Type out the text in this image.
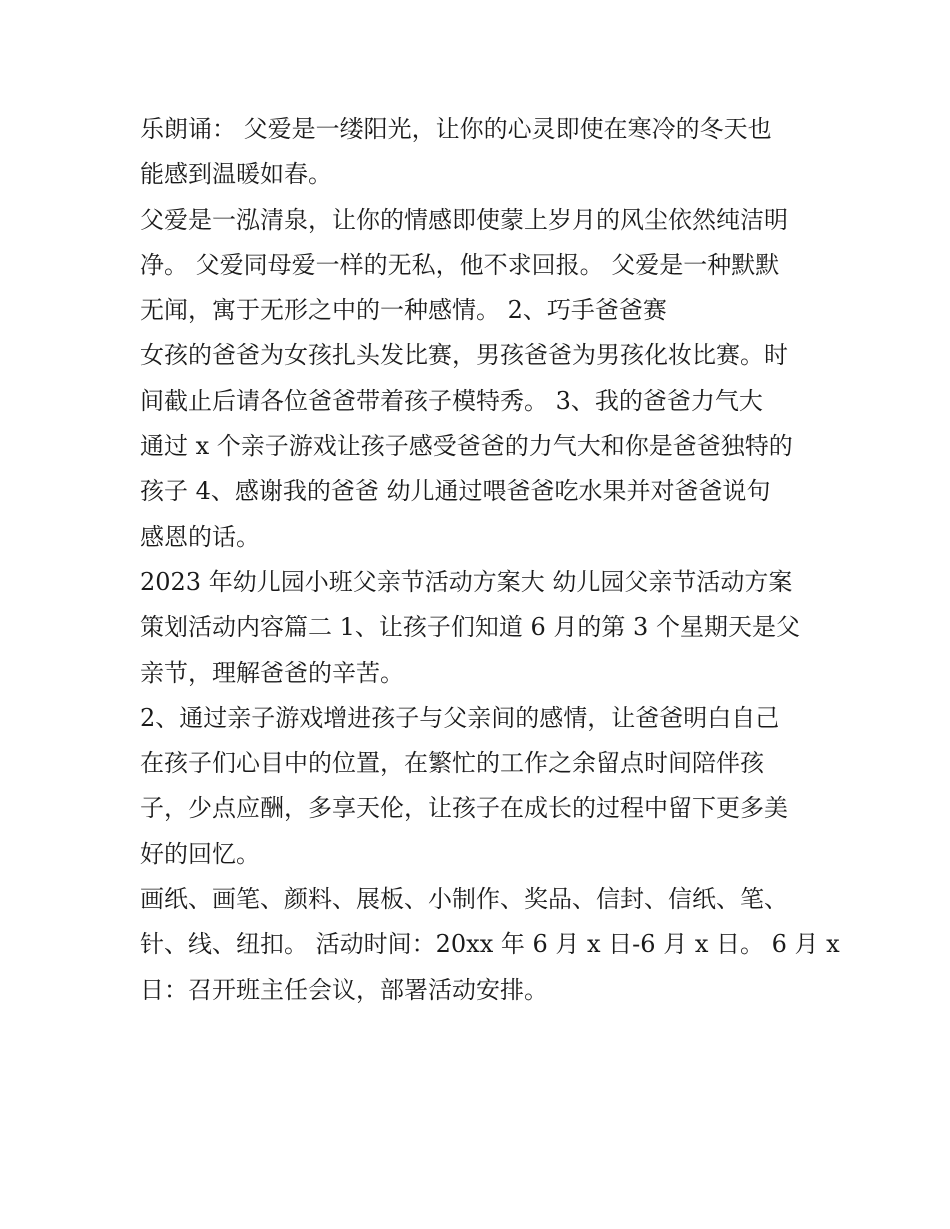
乐朗诵： 父爱是一缕阳光，让你的心灵即使在寒冷的冬天也
能感到温暖如春。
父爱是一泓清泉，让你的情感即使蒙上岁月的风尘依然纯洁明
净。 父爱同母爱一样的无私，他不求回报。 父爱是一种默默
无闻，寓于无形之中的一种感情。 2、巧手爸爸赛
女孩的爸爸为女孩扎头发比赛，男孩爸爸为男孩化妆比赛。时
间截止后请各位爸爸带着孩子模特秀。 3、我的爸爸力气大
通过 x 个亲子游戏让孩子感受爸爸的力气大和你是爸爸独特的
孩子 4、感谢我的爸爸 幼儿通过喂爸爸吃水果并对爸爸说句
感恩的话。
2023 年幼儿园小班父亲节活动方案大 幼儿园父亲节活动方案
策划活动内容篇二 1、让孩子们知道 6 月的第 3 个星期天是父
亲节，理解爸爸的辛苦。
2、通过亲子游戏增进孩子与父亲间的感情，让爸爸明白自己
在孩子们心目中的位置，在繁忙的工作之余留点时间陪伴孩
子，少点应酬，多享天伦，让孩子在成长的过程中留下更多美
好的回忆。
画纸、画笔、颜料、展板、小制作、奖品、信封、信纸、笔、
针、线、纽扣。 活动时间：20xx 年 6 月 x 日-6 月 x 日。 6 月 x
日：召开班主任会议，部署活动安排。
